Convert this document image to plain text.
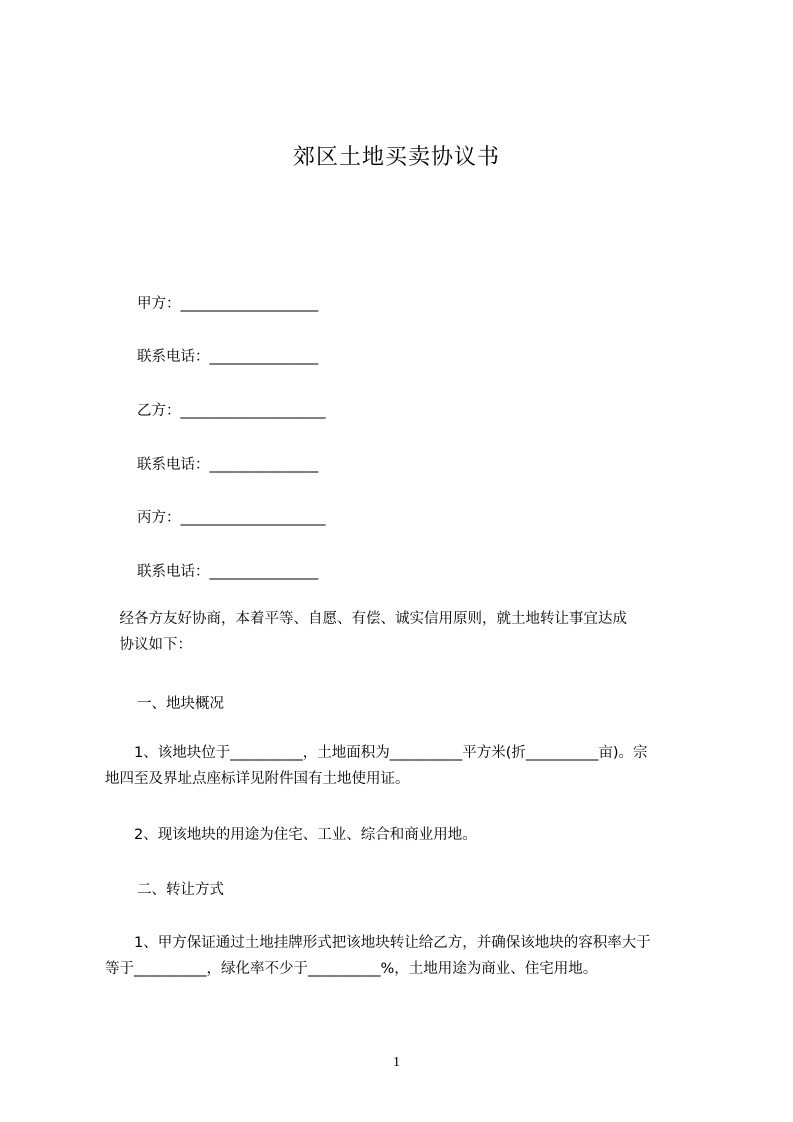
郊区土地买卖协议书
甲方：___________________
联系电话：_______________
乙方：____________________
联系电话：_______________
丙方：____________________
联系电话：_______________

　经各方友好协商，本着平等、自愿、有偿、诚实信用原则，就土地转让事宜达成

　协议如下：

一、地块概况

　　1、该地块位于__________，土地面积为__________平方米(折__________亩)。宗

地四至及界址点座标详见附件国有土地使用证。

　　2、现该地块的用途为住宅、工业、综合和商业用地。

二、转让方式

　　1、甲方保证通过土地挂牌形式把该地块转让给乙方，并确保该地块的容积率大于

等于__________，绿化率不少于__________%，土地用途为商业、住宅用地。

1
